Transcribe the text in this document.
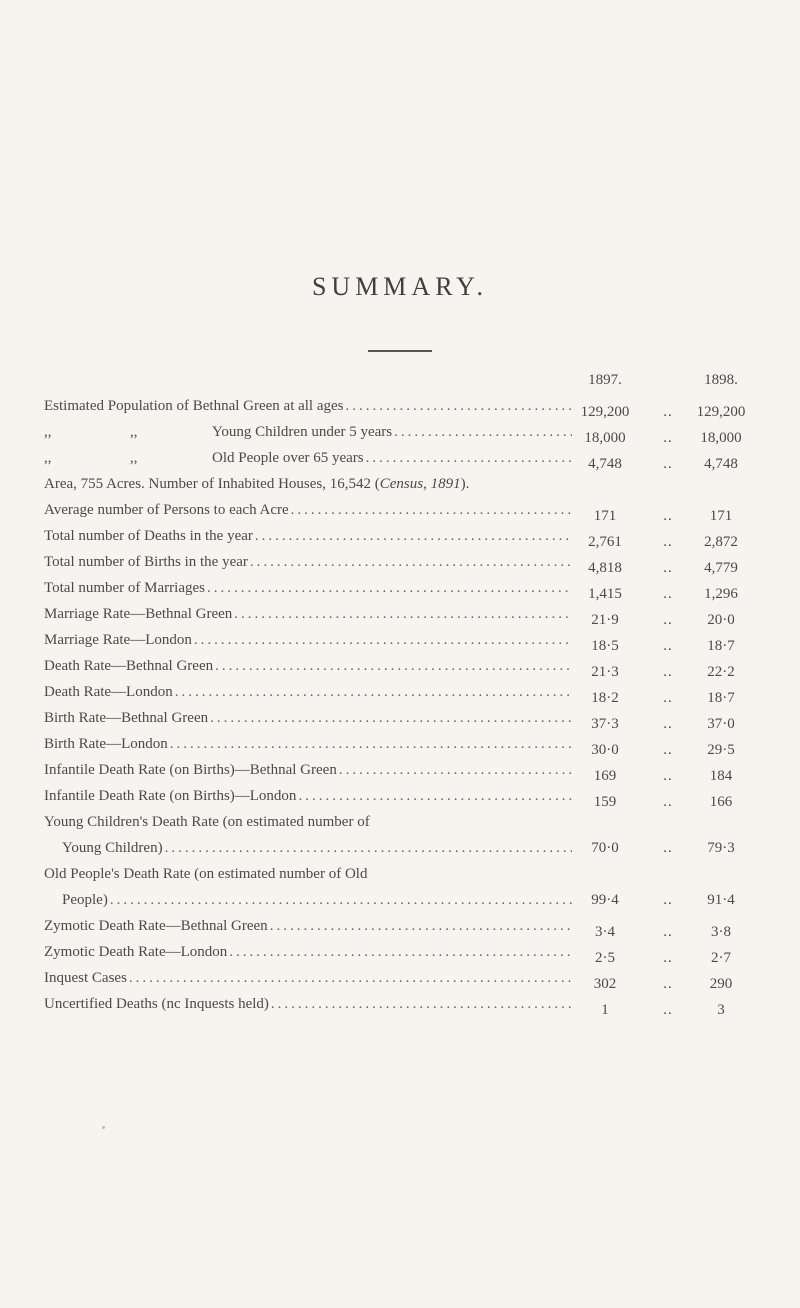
SUMMARY.
1897.	1898.
Estimated Population of Bethnal Green at all ages .....	129,200	..	129,200
,,	,,	Young Children under 5 years .....	18,000	..	18,000
,,	,,	Old People over 65 years .....	4,748	..	4,748
Area, 755 Acres. Number of Inhabited Houses, 16,542 (Census, 1891).
Average number of Persons to each Acre .....	171	..	171
Total number of Deaths in the year .....	2,761	..	2,872
Total number of Births in the year .....	4,818	..	4,779
Total number of Marriages .....	1,415	..	1,296
Marriage Rate—Bethnal Green .....	21·9	..	20·0
Marriage Rate—London .....	18·5	..	18·7
Death Rate—Bethnal Green .....	21·3	..	22·2
Death Rate—London .....	18·2	..	18·7
Birth Rate—Bethnal Green .....	37·3	..	37·0
Birth Rate—London .....	30·0	..	29·5
Infantile Death Rate (on Births)—Bethnal Green .....	169	..	184
Infantile Death Rate (on Births)—London .....	159	..	166
Young Children's Death Rate (on estimated number of
Young Children) .....	70·0	..	79·3
Old People's Death Rate (on estimated number of Old
People) .....	99·4	..	91·4
Zymotic Death Rate—Bethnal Green .....	3·4	..	3·8
Zymotic Death Rate—London .....	2·5	..	2·7
Inquest Cases .....	302	..	290
Uncertified Deaths (nc Inquests held) .....	1	..	3
